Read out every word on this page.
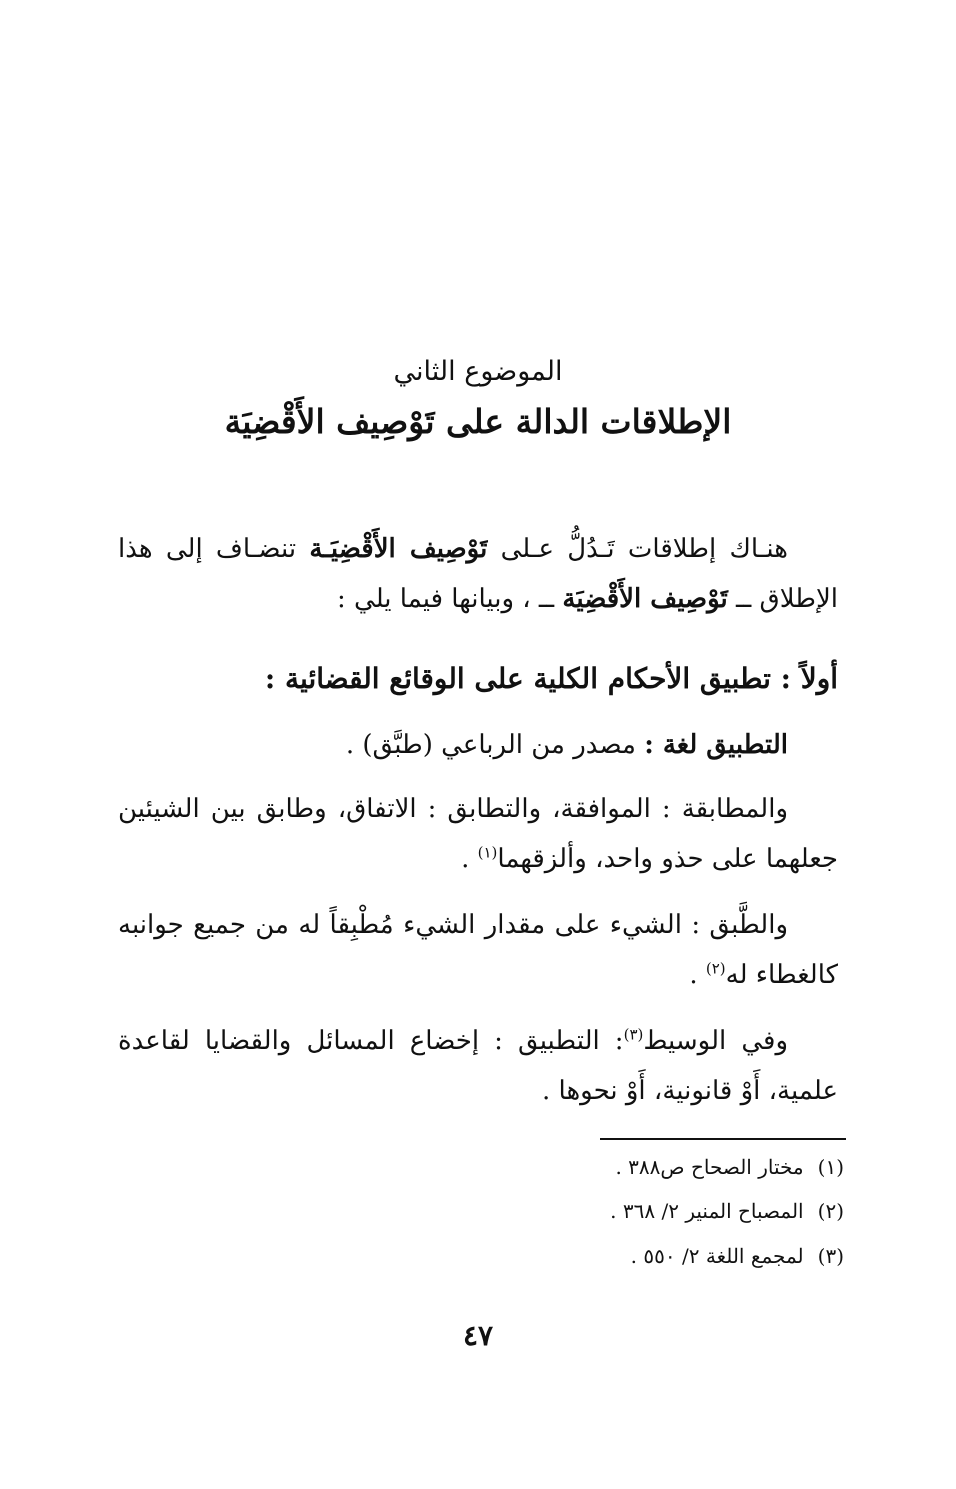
الموضوع الثاني
الإطلاقات الدالة على تَوْصِيف الأَقْضِيَة

هنـاك إطلاقات تَـدُلُّ عـلى تَوْصِيف الأَقْضِيَـة تنضـاف إلى هذا الإطلاق ــ تَوْصِيف الأَقْضِيَة ــ ، وبيانها فيما يلي :

أولاً : تطبيق الأحكام الكلية على الوقائع القضائية :

التطبيق لغة : مصدر من الرباعي (طبَّق) .

والمطابقة : الموافقة، والتطابق : الاتفاق، وطابق بين الشيئين جعلهما على حذو واحد، وألزقهما$^{(١)}$ .

والطَّبق : الشيء على مقدار الشيء مُطْبِقاً له من جميع جوانبه كالغطاء له$^{(٢)}$ .

وفي الوسيط$^{(٣)}$: التطبيق : إخضاع المسائل والقضايا لقاعدة علمية، أَوْ قانونية، أَوْ نحوها .

(١)مختار الصحاح ص٣٨٨ .
(٢)المصباح المنير ٢/ ٣٦٨ .
(٣)لمجمع اللغة ٢/ ٥٥٠ .
٤٧
